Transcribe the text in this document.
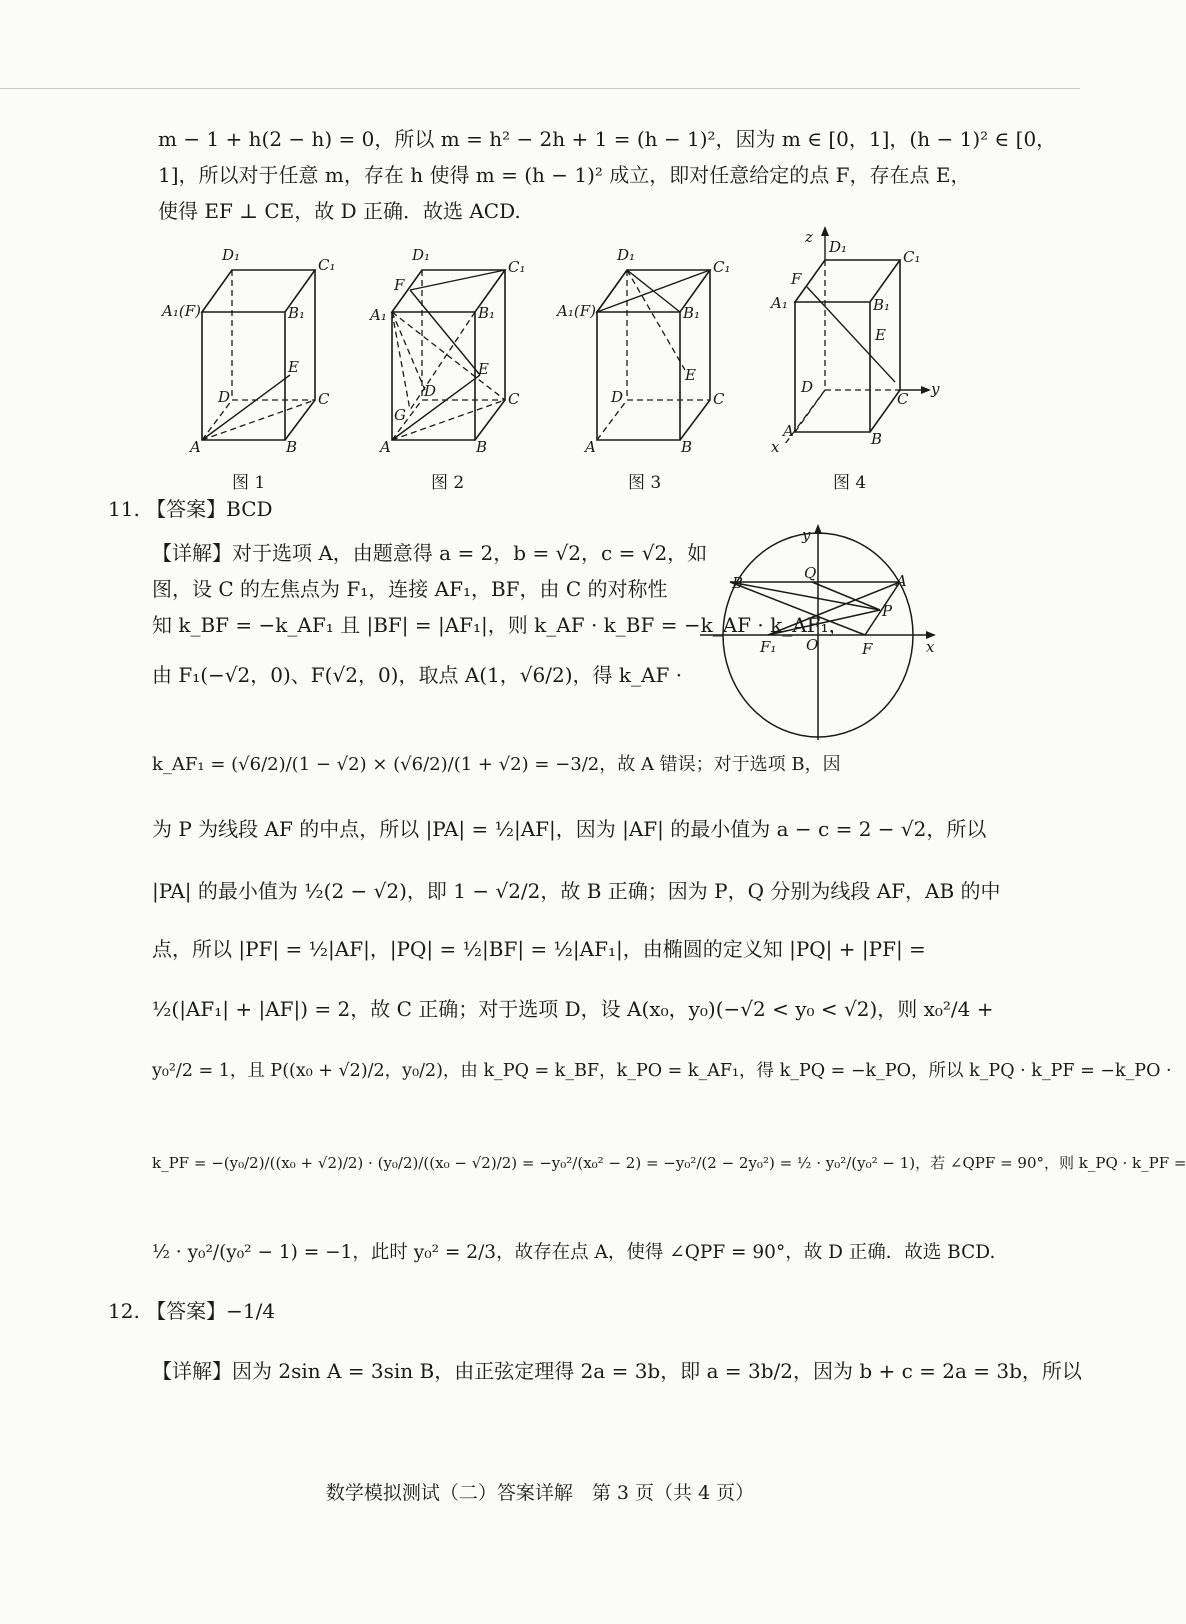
m − 1 + h(2 − h) = 0，所以 m = h² − 2h + 1 = (h − 1)²，因为 m ∈ [0，1]，(h − 1)² ∈ [0，
1]，所以对于任意 m，存在 h 使得 m = (h − 1)² 成立，即对任意给定的点 F，存在点 E，
使得 EF ⊥ CE，故 D 正确．故选 ACD.
D₁
C₁
A₁(F)	B₁
E
D	C
A	B
图 1
D₁
C₁
F
A₁	B₁
E
D
G
C
A	B
图 2
D₁
C₁
A₁(F)	B₁
E
D	C
A	B
图 3
z
D₁
C₁
F
A₁	B₁
E
D	y
C
A	B
x
图 4
11. 【答案】BCD
【详解】对于选项 A，由题意得 a = 2，b = √2，c = √2，如
图，设 C 的左焦点为 F₁，连接 AF₁，BF，由 C 的对称性
知 k_BF = −k_AF₁ 且 |BF| = |AF₁|，则 k_AF · k_BF = −k_AF · k_AF₁，
由 F₁(−√2，0)、F(√2，0)，取点 A(1，√6/2)，得 k_AF ·
k_AF₁ = (√6/2)/(1 − √2) × (√6/2)/(1 + √2) = −3/2，故 A 错误；对于选项 B，因
为 P 为线段 AF 的中点，所以 |PA| = ½|AF|，因为 |AF| 的最小值为 a − c = 2 − √2，所以
|PA| 的最小值为 ½(2 − √2)，即 1 − √2/2，故 B 正确；因为 P，Q 分别为线段 AF，AB 的中
点，所以 |PF| = ½|AF|，|PQ| = ½|BF| = ½|AF₁|，由椭圆的定义知 |PQ| + |PF| =
½(|AF₁| + |AF|) = 2，故 C 正确；对于选项 D，设 A(x₀，y₀)(−√2 < y₀ < √2)，则 x₀²/4 +
y₀²/2 = 1，且 P((x₀ + √2)/2，y₀/2)，由 k_PQ = k_BF，k_PO = k_AF₁，得 k_PQ = −k_PO，所以 k_PQ · k_PF = −k_PO ·
k_PF = −(y₀/2)/((x₀ + √2)/2) · (y₀/2)/((x₀ − √2)/2) = −y₀²/(x₀² − 2) = −y₀²/(2 − 2y₀²) = ½ · y₀²/(y₀² − 1)，若 ∠QPF = 90°，则 k_PQ · k_PF =
½ · y₀²/(y₀² − 1) = −1，此时 y₀² = 2/3，故存在点 A，使得 ∠QPF = 90°，故 D 正确．故选 BCD.
y
B
Q	A
P
F₁ O	F	x
12. 【答案】−1/4
【详解】因为 2sin A = 3sin B，由正弦定理得 2a = 3b，即 a = 3b/2，因为 b + c = 2a = 3b，所以
数学模拟测试（二）答案详解　第 3 页（共 4 页）
